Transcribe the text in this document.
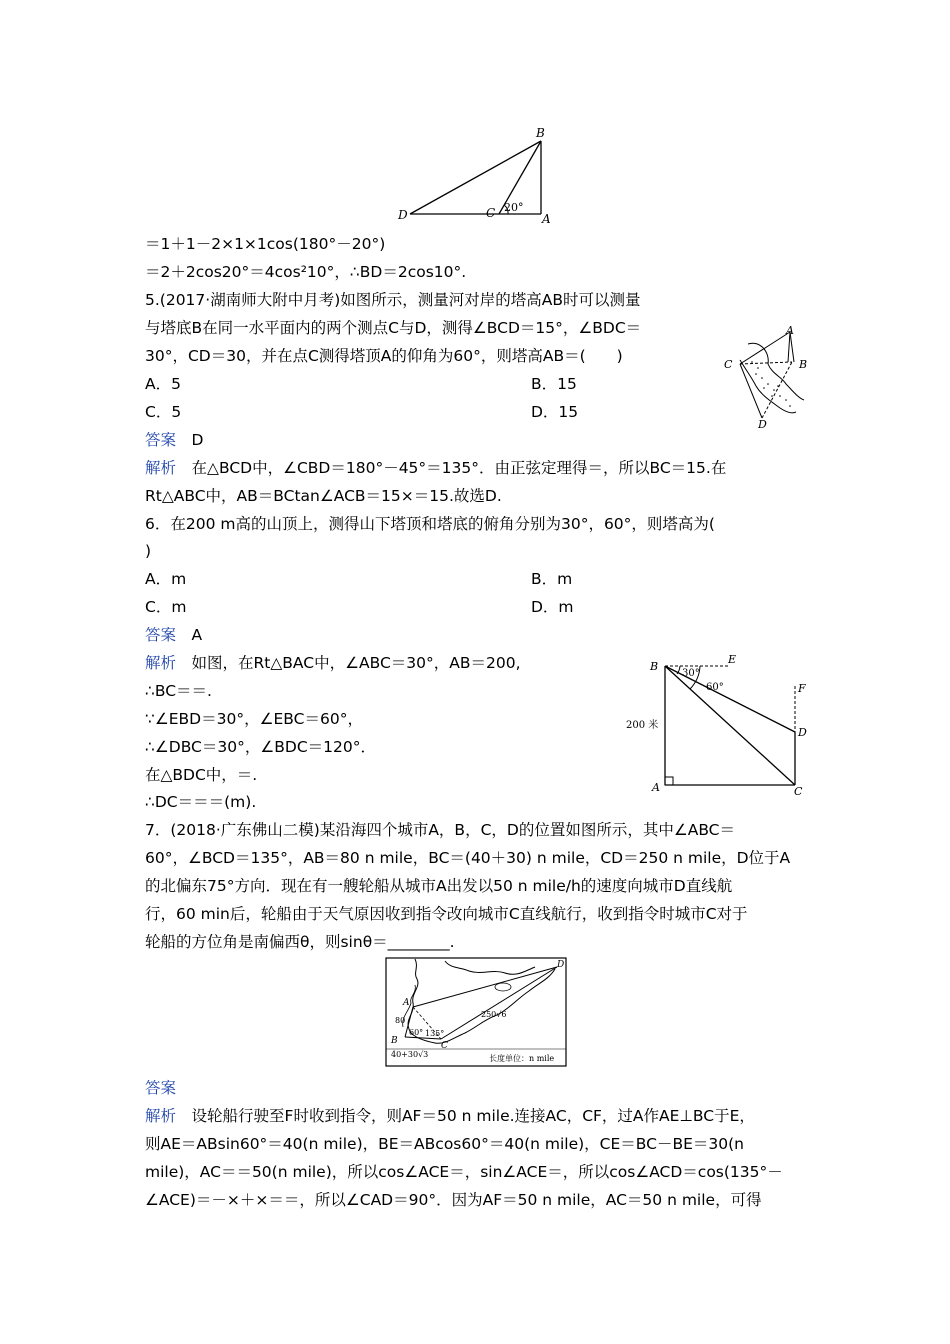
B
D	C	A
20°
＝1＋1－2×1×1cos(180°－20°)
＝2＋2cos20°＝4cos²10°，∴BD＝2cos10°.
5.(2017·湖南师大附中月考)如图所示，测量河对岸的塔高AB时可以测量
与塔底B在同一水平面内的两个测点C与D，测得∠BCD＝15°，∠BDC＝
30°，CD＝30，并在点C测得塔顶A的仰角为60°，则塔高AB＝(　　)
A．5	B．15
C．5	D．15
答案　 D
解析　 在△BCD中，∠CBD＝180°－45°＝135°．由正弦定理得＝，所以BC＝15.在
Rt△ABC中，AB＝BCtan∠ACB＝15×＝15.故选D.
A
B
C
D
6．在200 m高的山顶上，测得山下塔顶和塔底的俯角分别为30°，60°，则塔高为(
)
A．m	B．m
C．m	D．m
答案　 A
解析　 如图，在Rt△BAC中，∠ABC＝30°，AB＝200,
∴BC＝＝.
∵∠EBD＝30°，∠EBC＝60°，
∴∠DBC＝30°，∠BDC＝120°．
在△BDC中，＝.
∴DC＝＝＝(m).
B
E
F
D
A	C
200 米
30°
60°
7．(2018·广东佛山二模)某沿海四个城市A，B，C，D的位置如图所示，其中∠ABC＝
60°，∠BCD＝135°，AB＝80 n mile，BC＝(40＋30) n mile，CD＝250 n mile，D位于A
的北偏东75°方向．现在有一艘轮船从城市A出发以50 n mile/h的速度向城市D直线航
行，60 min后，轮船由于天气原因收到指令改向城市C直线航行，收到指令时城市C对于
轮船的方位角是南偏西θ，则sinθ＝________.
A
B	C
D
80
60° 135°
250√6
40+30√3	长度单位：n mile
答案
解析　 设轮船行驶至F时收到指令，则AF＝50 n mile.连接AC，CF，过A作AE⊥BC于E，
则AE＝ABsin60°＝40(n mile)，BE＝ABcos60°＝40(n mile)，CE＝BC－BE＝30(n
mile)，AC＝＝50(n mile)，所以cos∠ACE＝，sin∠ACE＝，所以cos∠ACD＝cos(135°－
∠ACE)＝－×＋×＝＝，所以∠CAD＝90°．因为AF＝50 n mile，AC＝50 n mile，可得
